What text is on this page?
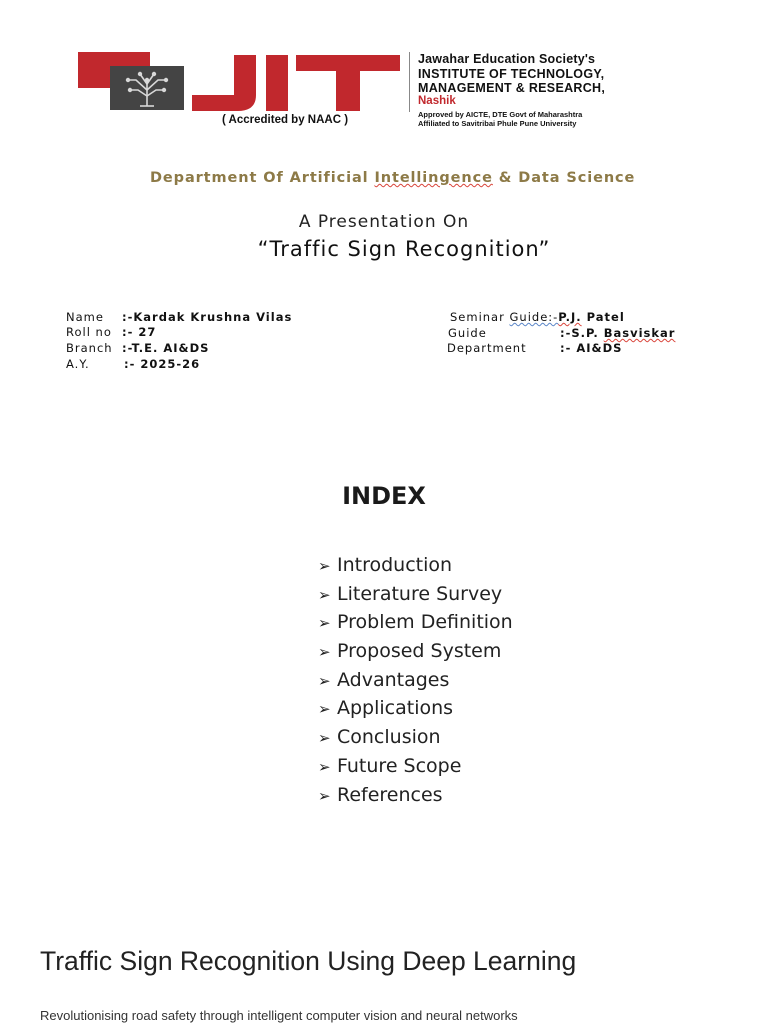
( Accredited by NAAC )
Jawahar Education Society's
INSTITUTE OF TECHNOLOGY,
MANAGEMENT & RESEARCH,
Nashik
Approved by AICTE, DTE Govt of Maharashtra
Affiliated to Savitribai Phule Pune University
Department Of Artificial Intellingence & Data Science
A Presentation On
“Traffic Sign Recognition”
Name :-Kardak Krushna Vilas
Roll no :- 27
Branch :-T.E. AI&DS
A.Y.	:- 2025-26
Seminar Guide:-P.J. Patel
Guide	:-S.P. Basviskar
Department	:- AI&DS
INDEX
➢ Introduction
➢ Literature Survey
➢ Problem Definition
➢ Proposed System
➢ Advantages
➢ Applications
➢ Conclusion
➢ Future Scope
➢ References
Traffic Sign Recognition Using Deep Learning
Revolutionising road safety through intelligent computer vision and neural networks
